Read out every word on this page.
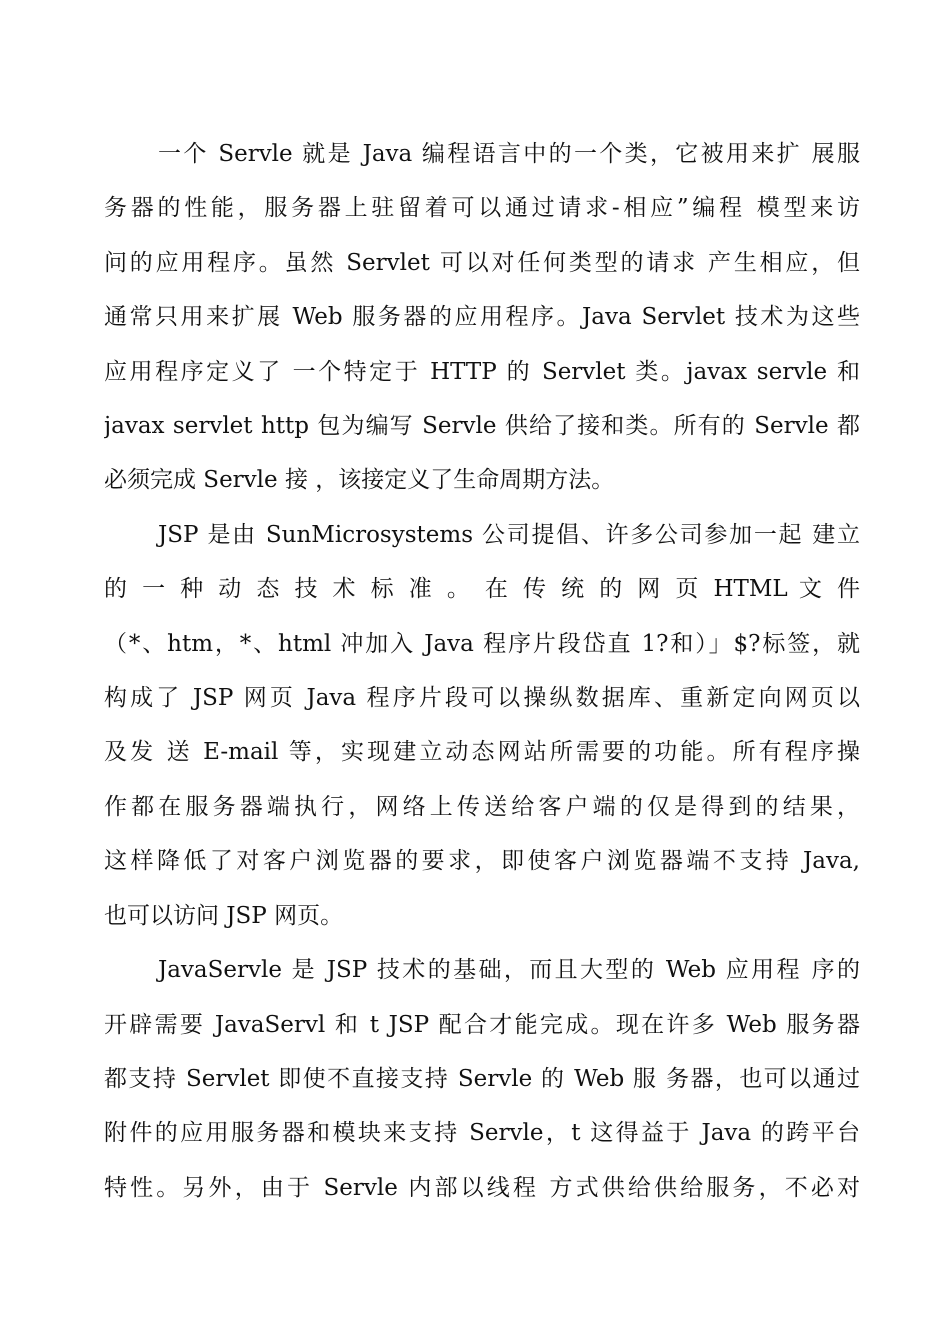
一个 Servle 就是 Java 编程语言中的一个类，它被用来扩 展服
务器的性能，服务器上驻留着可以通过请求-相应”编程 模型来访
问的应用程序。虽然 Servlet 可以对任何类型的请求 产生相应，但
通常只用来扩展 Web 服务器的应用程序。Java Servlet 技术为这些
应用程序定义了 一个特定于 HTTP 的 Servlet 类。javax servle 和
javax servlet http 包为编写 Servle 供给了接和类。所有的 Servle 都
必须完成 Servle 接 ，该接定义了生命周期方法。

JSP 是由 SunMicrosystems 公司提倡、许多公司参加一起 建立
的 一 种 动 态 技 术 标 准 。 在 传 统 的 网 页 HTML 文 件
（*、htm，*、html 冲加入 Java 程序片段岱直 1?和）」$?标签，就
构成了 JSP 网页 Java 程序片段可以操纵数据库、重新定向网页以
及发 送 E-mail 等，实现建立动态网站所需要的功能。所有程序操
作都在服务器端执行，网络上传送给客户端的仅是得到的结果，
这样降低了对客户浏览器的要求，即使客户浏览器端不支持 Java,
也可以访问 JSP 网页。

JavaServle 是 JSP 技术的基础，而且大型的 Web 应用程 序的
开辟需要 JavaServl 和 t JSP 配合才能完成。现在许多 Web 服务器
都支持 Servlet 即使不直接支持 Servle 的 Web 服 务器，也可以通过
附件的应用服务器和模块来支持 Servle，t 这得益于 Java 的跨平台
特性。另外，由于 Servle 内部以线程 方式供给供给服务，不必对
